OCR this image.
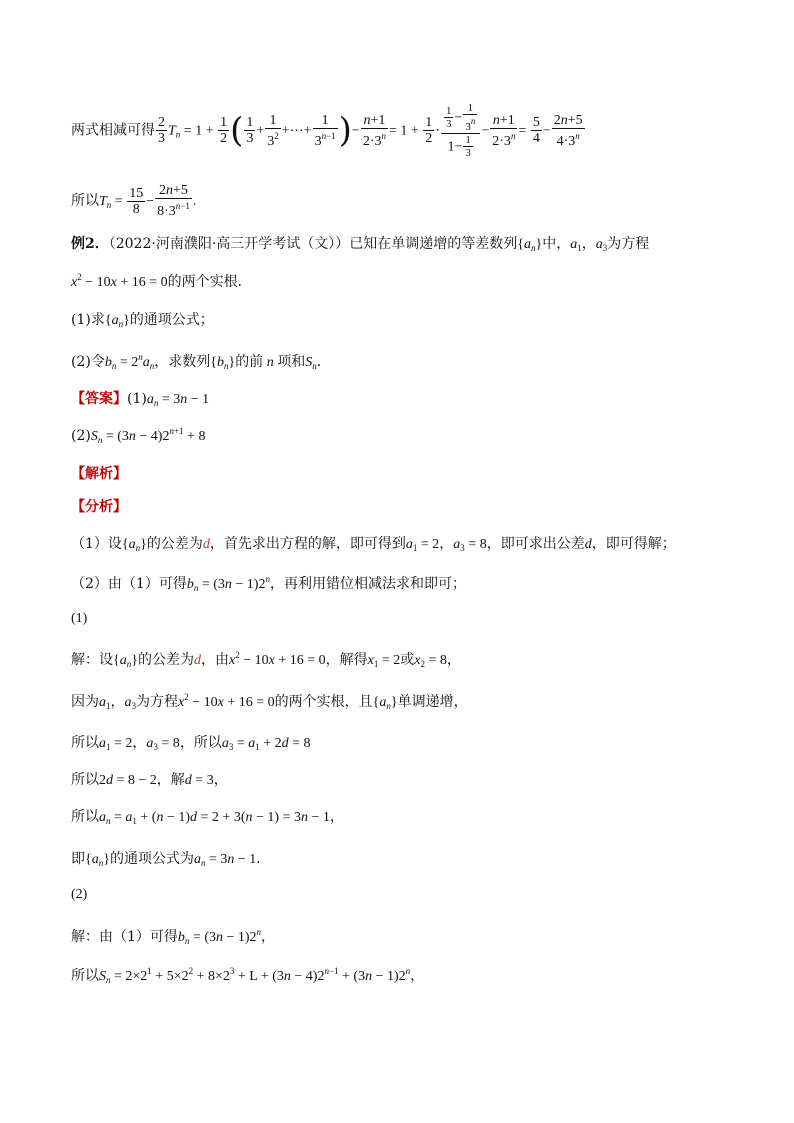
两式相减可得 $\frac{2}{3} T_n = 1 + \frac{1}{2}$ ( $\frac{1}{3} + \frac{1}{3^2}$ +⋯+ $\frac{1}{3^{n-1}}$ )− $\frac{n+1}{2\cdot 3^n} = 1 + \frac{1}{2} \cdot \frac{\frac{1}{3} - \frac{1}{3^n}}{1- \frac{1}{3}} - \frac{n+1}{2\cdot 3^n} = \frac{5}{4} - \frac{2n+5}{4\cdot 3^n}$
所以$T_n = \frac{15}{8} - \frac{2n+5}{8\cdot 3^{n-1}}$ .
例2．（2022·河南濮阳·高三开学考试（文））已知在单调递增的等差数列$\{a_n\}$中，$a_1$，$a_3$为方程
$x^2 - 10x + 16 = 0$的两个实根．
(1)求$\{a_n\}$的通项公式；
(2)令$b_n = 2^na_n$，求数列$\{b_n\}$的前 n 项和$S_n$．
【答案】$(1)a_n = 3n - 1$
$(2)S_n = (3n - 4)2^{n+1} + 8$
【解析】
【分析】
（1）设$\{a_n\}$的公差为d，首先求出方程的解，即可得到$a_1 = 2$，$a_3 = 8$，即可求出公差d，即可得解；
（2）由（1）可得$b_n = (3n - 1)2^n$，再利用错位相减法求和即可；
(1)
解：设$\{a_n\}$的公差为d，由$x^2 - 10x + 16 = 0$，解得$x_1 = 2$或$x_2 = 8$，
因为$a_1$，$a_3$为方程$x^2 - 10x + 16 = 0$的两个实根，且$\{a_n\}$单调递增，
所以$a_1 = 2$，$a_3 = 8$，所以$a_3 = a_1 + 2d = 8$
所以2d = 8 − 2，解d = 3，
所以$a_n = a_1 + (n - 1)d = 2 + 3(n - 1) = 3n - 1$，
即$\{a_n\}$的通项公式为$a_n = 3n - 1$．
(2)
解：由（1）可得$b_n = (3n - 1)2^n$，
所以$S_n = 2\times 2^1 + 5\times 2^2 + 8\times 2^3 + L + (3n - 4)2^{n-1} + (3n - 1)2^n$，
